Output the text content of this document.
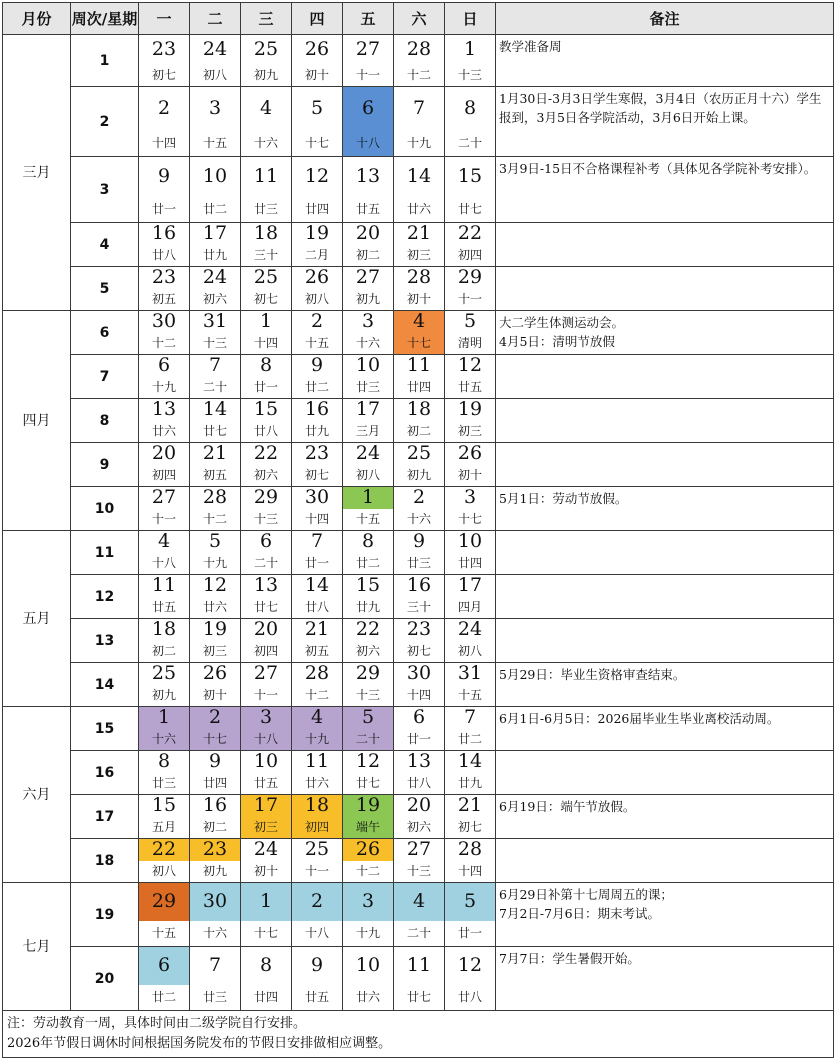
月份	周次/星期	一	二	三	四	五	六	日	备注
三月	1	23	24	25	26	27	28	1	教学准备周
		初七	初八	初九	初十	十一	十二	十三	
	2	2	3	4	5	6	7	8	1月30日-3月3日学生寒假，3月4日（农历正月十六）学生报到，3月5日各学院活动，3月6日开始上课。
		十四	十五	十六	十七	十八	十九	二十	
	3	9	10	11	12	13	14	15	3月9日-15日不合格课程补考（具体见各学院补考安排）。
		廿一	廿二	廿三	廿四	廿五	廿六	廿七	
	4	16	17	18	19	20	21	22	
		廿八	廿九	三十	二月	初二	初三	初四	
	5	23	24	25	26	27	28	29	
		初五	初六	初七	初八	初九	初十	十一	
四月	6	30	31	1	2	3	4	5	大二学生体测运动会。
4月5日：清明节放假
		十二	十三	十四	十五	十六	十七	清明	
	7	6	7	8	9	10	11	12	
		十九	二十	廿一	廿二	廿三	廿四	廿五	
	8	13	14	15	16	17	18	19	
		廿六	廿七	廿八	廿九	三月	初二	初三	
	9	20	21	22	23	24	25	26	
		初四	初五	初六	初七	初八	初九	初十	
	10	27	28	29	30	1	2	3	5月1日：劳动节放假。
		十一	十二	十三	十四	十五	十六	十七	
五月	11	4	5	6	7	8	9	10	
		十八	十九	二十	廿一	廿二	廿三	廿四	
	12	11	12	13	14	15	16	17	
		廿五	廿六	廿七	廿八	廿九	三十	四月	
	13	18	19	20	21	22	23	24	
		初二	初三	初四	初五	初六	初七	初八	
	14	25	26	27	28	29	30	31	5月29日：毕业生资格审查结束。
		初九	初十	十一	十二	十三	十四	十五	
六月	15	1	2	3	4	5	6	7	6月1日-6月5日：2026届毕业生毕业离校活动周。
		十六	十七	十八	十九	二十	廿一	廿二	
	16	8	9	10	11	12	13	14	
		廿三	廿四	廿五	廿六	廿七	廿八	廿九	
	17	15	16	17	18	19	20	21	6月19日：端午节放假。
		五月	初二	初三	初四	端午	初六	初七	
	18	22	23	24	25	26	27	28	
		初八	初九	初十	十一	十二	十三	十四	
七月	19	29	30	1	2	3	4	5	6月29日补第十七周周五的课；
7月2日-7月6日：期末考试。
		十五	十六	十七	十八	十九	二十	廿一	
	20	6	7	8	9	10	11	12	7月7日：学生暑假开始。
		廿二	廿三	廿四	廿五	廿六	廿七	廿八	
注：劳动教育一周，具体时间由二级学院自行安排。
2026年节假日调休时间根据国务院发布的节假日安排做相应调整。									
